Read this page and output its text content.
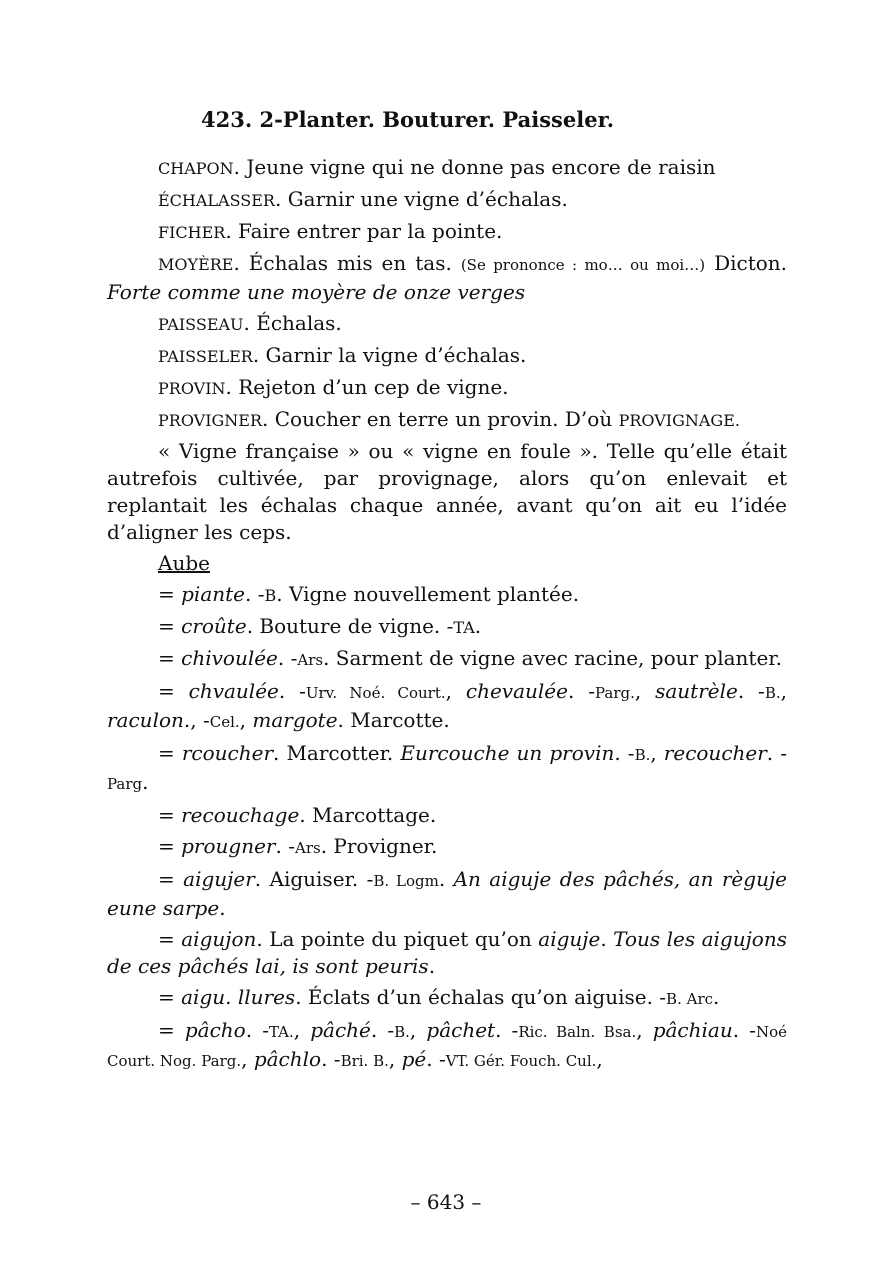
423. 2-Planter. Bouturer. Paisseler.

CHAPON. Jeune vigne qui ne donne pas encore de raisin

ÉCHALASSER. Garnir une vigne d’échalas.

FICHER. Faire entrer par la pointe.

MOYÈRE. Échalas mis en tas. (Se prononce : mo… ou moi…) Dicton. Forte comme une moyère de onze verges

PAISSEAU. Échalas.

PAISSELER. Garnir la vigne d’échalas.

PROVIN. Rejeton d’un cep de vigne.

PROVIGNER. Coucher en terre un provin. D’où PROVIGNAGE.

« Vigne française » ou « vigne en foule ». Telle qu’elle était autrefois cultivée, par provignage, alors qu’on enlevait et replantait les échalas chaque année, avant qu’on ait eu l’idée d’aligner les ceps.

Aube

= piante. -B. Vigne nouvellement plantée.

= croûte. Bouture de vigne. -TA.

= chivoulée. -Ars. Sarment de vigne avec racine, pour planter.

= chvaulée. -Urv. Noé. Court., chevaulée. -Parg., sautrèle. -B., raculon., -Cel., margote. Marcotte.

= rcoucher. Marcotter. Eurcouche un provin. -B., recoucher. -Parg.

= recouchage. Marcottage.

= prougner. -Ars. Provigner.

= aigujer. Aiguiser. -B. Logm. An aiguje des pâchés, an règuje eune sarpe.

= aigujon. La pointe du piquet qu’on aiguje. Tous les aigujons de ces pâchés lai, is sont peuris.

= aigu. llures. Éclats d’un échalas qu’on aiguise. -B. Arc.

= pâcho. -TA., pâché. -B., pâchet. -Ric. Baln. Bsa., pâchiau. -Noé Court. Nog. Parg., pâchlo. -Bri. B., pé. -VT. Gér. Fouch. Cul.,

– 643 –
